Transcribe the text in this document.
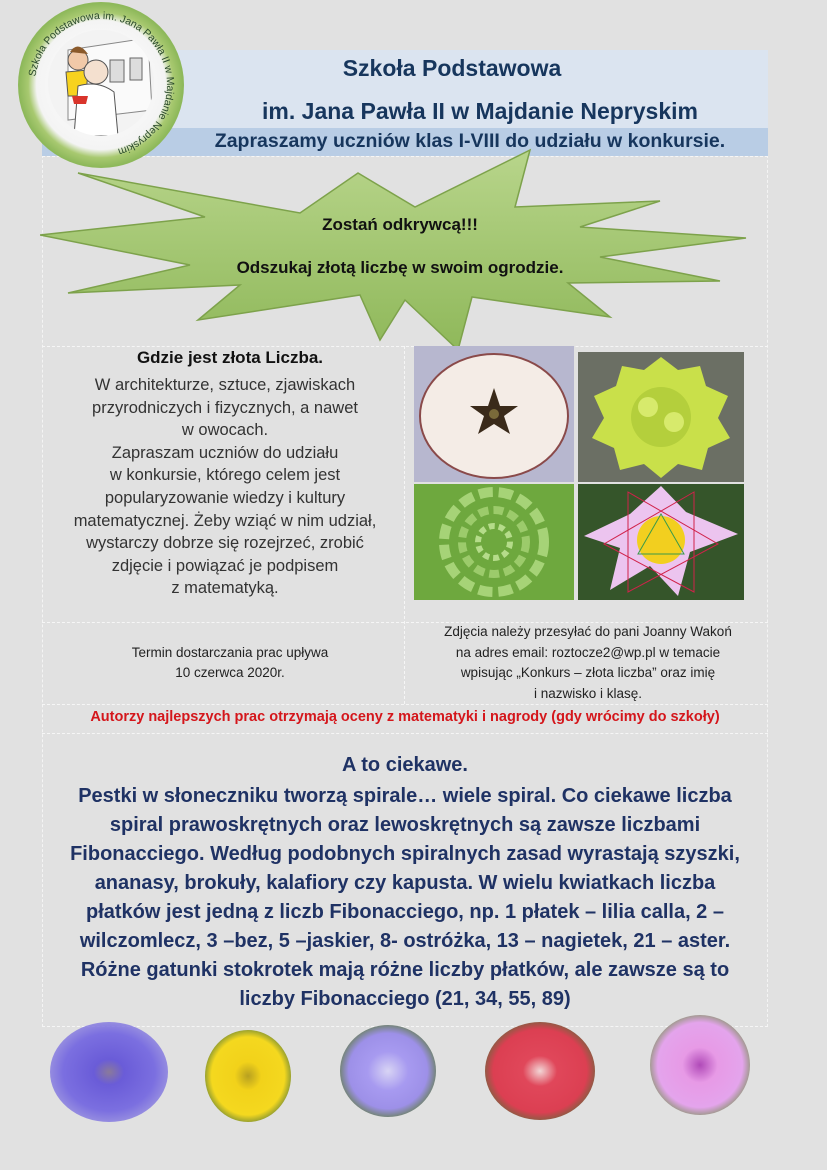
Szkoła Podstawowa
im. Jana Pawła II w Majdanie Nepryskim
Zapraszamy uczniów klas I-VIII do udziału w konkursie.
Szkoła Podstawowa im. Jana Pawła II w Majdanie Nepryskim
Zostań odkrywcą!!!
Odszukaj złotą liczbę w swoim ogrodzie.
Gdzie jest złota Liczba.
W architekturze, sztuce, zjawiskach
przyrodniczych i fizycznych, a nawet
w owocach.
Zapraszam uczniów do udziału
w konkursie, którego celem jest
popularyzowanie wiedzy i kultury
matematycznej. Żeby wziąć w nim udział,
wystarczy dobrze się rozejrzeć, zrobić
zdjęcie i powiązać je podpisem
z matematyką.
Termin dostarczania prac upływa
10 czerwca 2020r.
Zdjęcia należy przesyłać do pani Joanny Wakoń
na adres email: roztocze2@wp.pl w temacie
wpisując „Konkurs – złota liczba” oraz imię
i nazwisko i klasę.
Autorzy najlepszych prac otrzymają oceny z matematyki i nagrody (gdy wrócimy do szkoły)
A to ciekawe.
Pestki w słoneczniku tworzą spirale… wiele spiral. Co ciekawe liczba
spiral prawoskrętnych oraz lewoskrętnych są zawsze liczbami
Fibonacciego. Według podobnych spiralnych zasad wyrastają szyszki,
ananasy, brokuły, kalafiory czy kapusta. W wielu kwiatkach liczba
płatków jest jedną z liczb Fibonacciego, np. 1 płatek – lilia calla, 2 –
wilczomlecz, 3 –bez, 5 –jaskier, 8- ostróżka, 13 – nagietek, 21 – aster.
Różne gatunki stokrotek mają różne liczby płatków, ale zawsze są to
liczby Fibonacciego (21, 34, 55, 89)
